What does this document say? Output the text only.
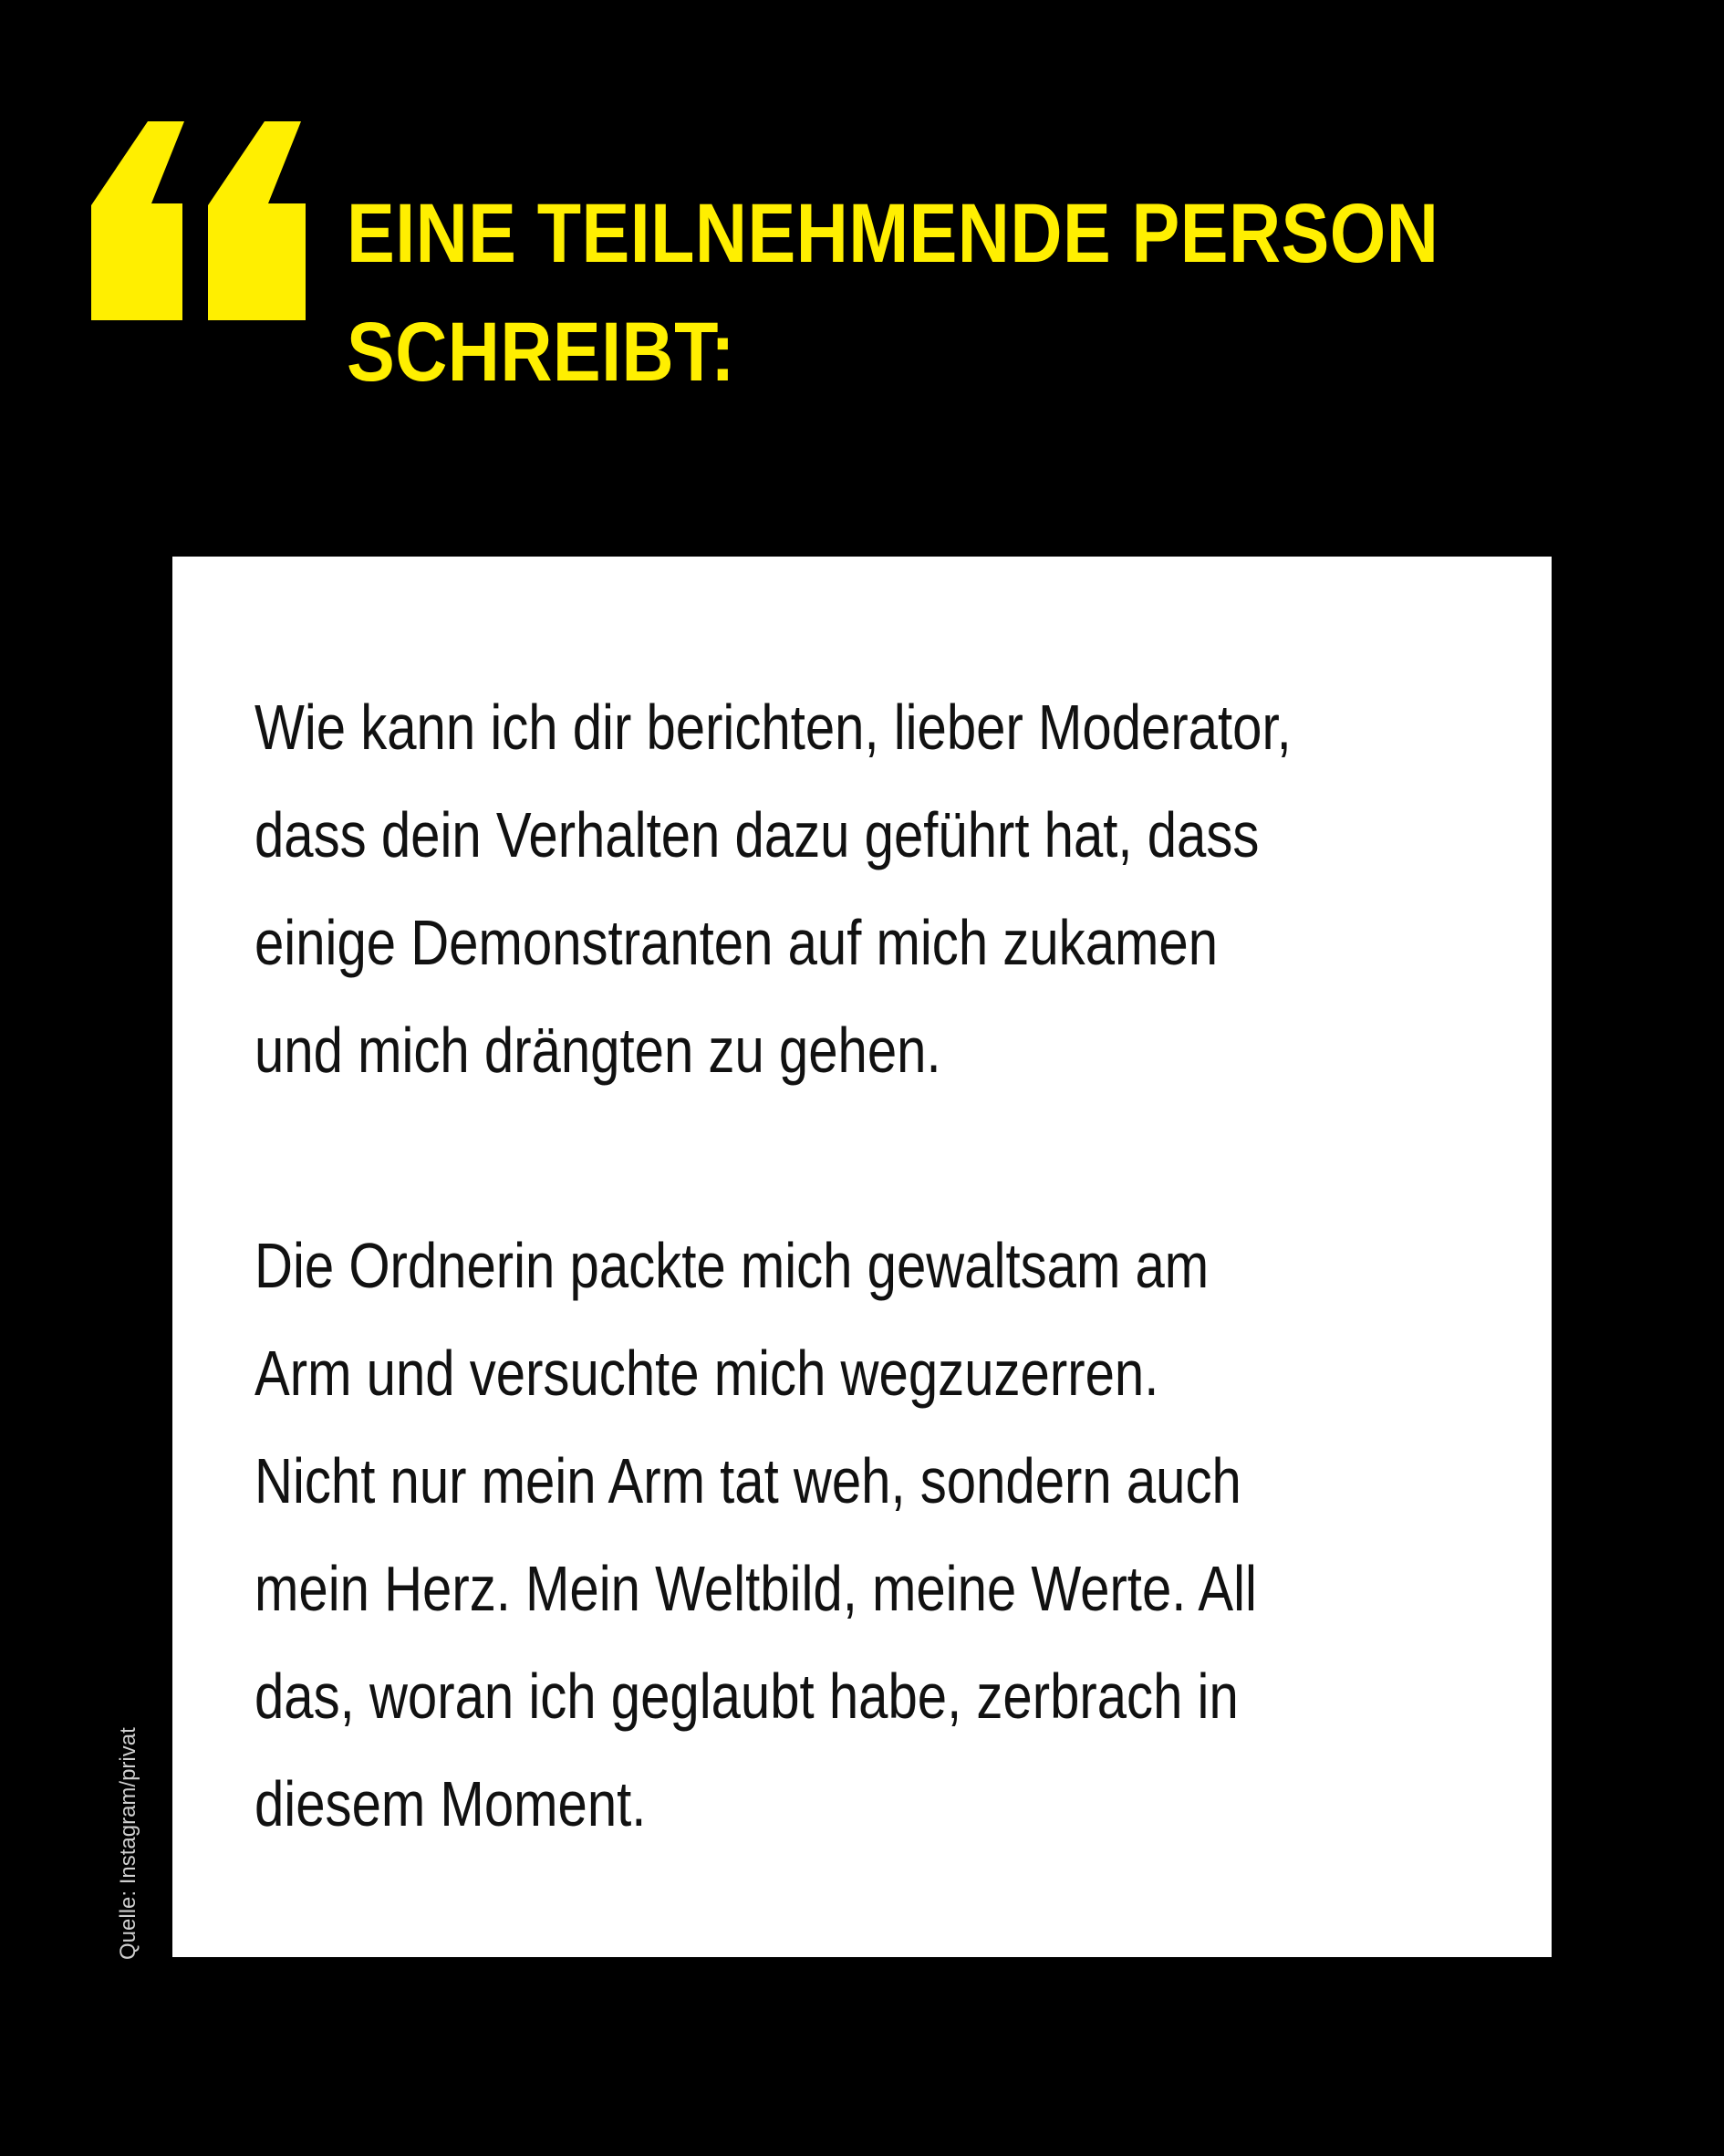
EINE TEILNEHMENDE PERSON
SCHREIBT:
Wie kann ich dir berichten, lieber Moderator,
dass dein Verhalten dazu geführt hat, dass
einige Demonstranten auf mich zukamen
und mich drängten zu gehen.
Die Ordnerin packte mich gewaltsam am
Arm und versuchte mich wegzuzerren.
Nicht nur mein Arm tat weh, sondern auch
mein Herz. Mein Weltbild, meine Werte. All
das, woran ich geglaubt habe, zerbrach in
diesem Moment.
Quelle: Instagram/privat
